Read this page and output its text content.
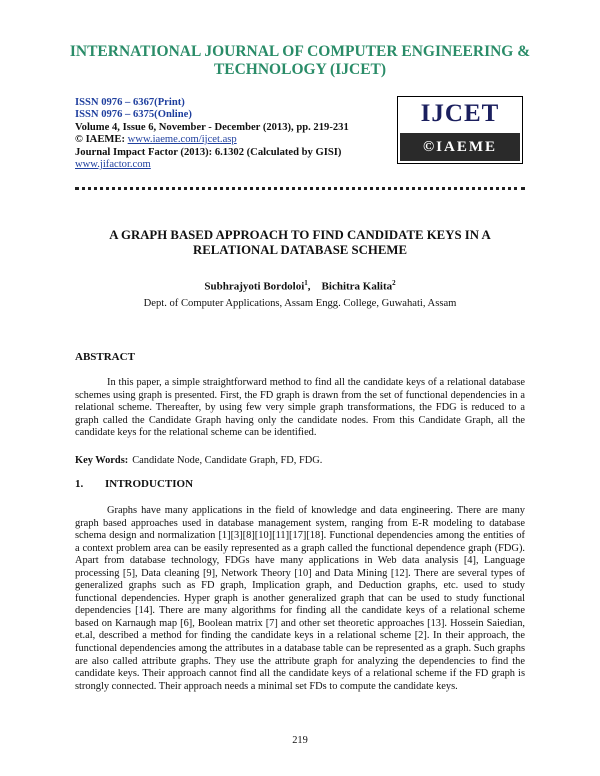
INTERNATIONAL JOURNAL OF COMPUTER ENGINEERING & TECHNOLOGY (IJCET)
ISSN 0976 – 6367(Print)
ISSN 0976 – 6375(Online)
Volume 4, Issue 6, November - December (2013), pp. 219-231
© IAEME: www.iaeme.com/ijcet.asp
Journal Impact Factor (2013): 6.1302 (Calculated by GISI)
www.jifactor.com
IJCET
©IAEME
A GRAPH BASED APPROACH TO FIND CANDIDATE KEYS IN A RELATIONAL DATABASE SCHEME
Subhrajyoti Bordoloi$^1$, Bichitra Kalita$^2$
Dept. of Computer Applications, Assam Engg. College, Guwahati, Assam
ABSTRACT

In this paper, a simple straightforward method to find all the candidate keys of a relational database schemes using graph is presented. First, the FD graph is drawn from the set of functional dependencies in a relational scheme. Thereafter, by using few very simple graph transformations, the FDG is reduced to a graph called the Candidate Graph having only the candidate nodes. From this Candidate Graph, all the candidate keys for the relational scheme can be identified.

Key Words: Candidate Node, Candidate Graph, FD, FDG.
1. INTRODUCTION

Graphs have many applications in the field of knowledge and data engineering. There are many graph based approaches used in database management system, ranging from E-R modeling to database schema design and normalization [1][3][8][10][11][17][18]. Functional dependencies among the entities of a context problem area can be easily represented as a graph called the functional dependence graph (FDG). Apart from database technology, FDGs have many applications in Web data analysis [4], Language processing [5], Data cleaning [9], Network Theory [10] and Data Mining [12]. There are several types of generalized graphs such as FD graph, Implication graph, and Deduction graphs, etc. used to study functional dependencies. Hyper graph is another generalized graph that can be used to study functional dependencies [14]. There are many algorithms for finding all the candidate keys of a relational scheme based on Karnaugh map [6], Boolean matrix [7] and other set theoretic approaches [13]. Hossein Saiedian, et.al, described a method for finding the candidate keys in a relational scheme [2]. In their approach, the functional dependencies among the attributes in a database table can be represented as a graph. Such graphs are also called attribute graphs. They use the attribute graph for analyzing the dependencies to find the candidate keys. Their approach cannot find all the candidate keys of a relational scheme if the FD graph is strongly connected. Their approach needs a minimal set FDs to compute the candidate keys.

219
